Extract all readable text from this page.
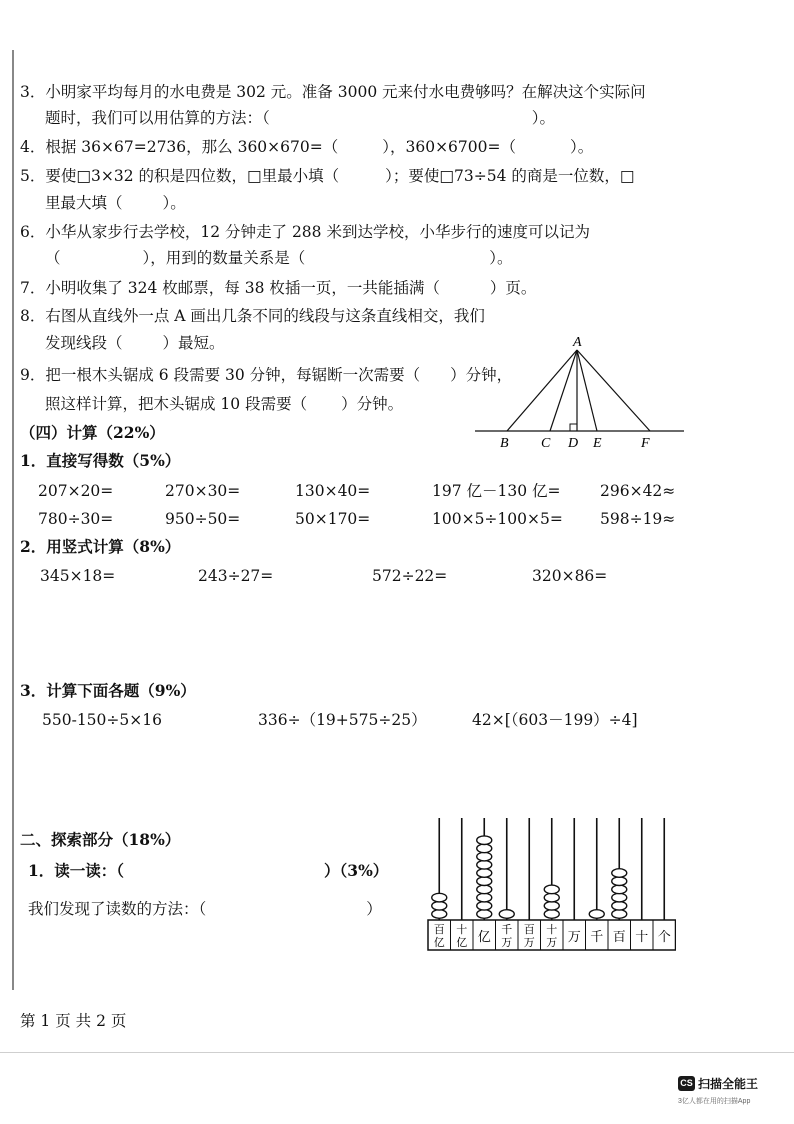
3．小明家平均每月的水电费是 302 元。准备 3000 元来付水电费够吗？在解决这个实际问
题时，我们可以用估算的方法：（	）。
4．根据 36×67=2736，那么 360×670=（	），360×6700=（	）。
5．要使□3×32 的积是四位数，□里最小填（	）；要使□73÷54 的商是一位数，□
里最大填（	）。
6．小华从家步行去学校，12 分钟走了 288 米到达学校，小华步行的速度可以记为
（	），用到的数量关系是（	）。
7．小明收集了 324 枚邮票，每 38 枚插一页，一共能插满（	）页。
8．右图从直线外一点 A 画出几条不同的线段与这条直线相交，我们
发现线段（	）最短。
9．把一根木头锯成 6 段需要 30 分钟，每锯断一次需要（ ）分钟，
照这样计算，把木头锯成 10 段需要（ ）分钟。
A
B C D E	F
（四）计算（22%）
1．直接写得数（5%）
207×20=	270×30=	130×40=	197 亿－130 亿=	296×42≈
780÷30=	950÷50=	50×170=	100×5÷100×5= 598÷19≈
2．用竖式计算（8%）
345×18=	243÷27=	572÷22=	320×86=
3．计算下面各题（9%）
550-150÷5×16	336÷（19+575÷25）	42×[（603－199）÷4]
二、探索部分（18%）
1．读一读：（	）（3%）
我们发现了读数的方法：（	）
百
亿
十
亿 亿
千
万
百
万
十
万 万 千 百 十 个
第 1 页 共 2 页
CS 扫描全能王
3亿人都在用的扫描App
